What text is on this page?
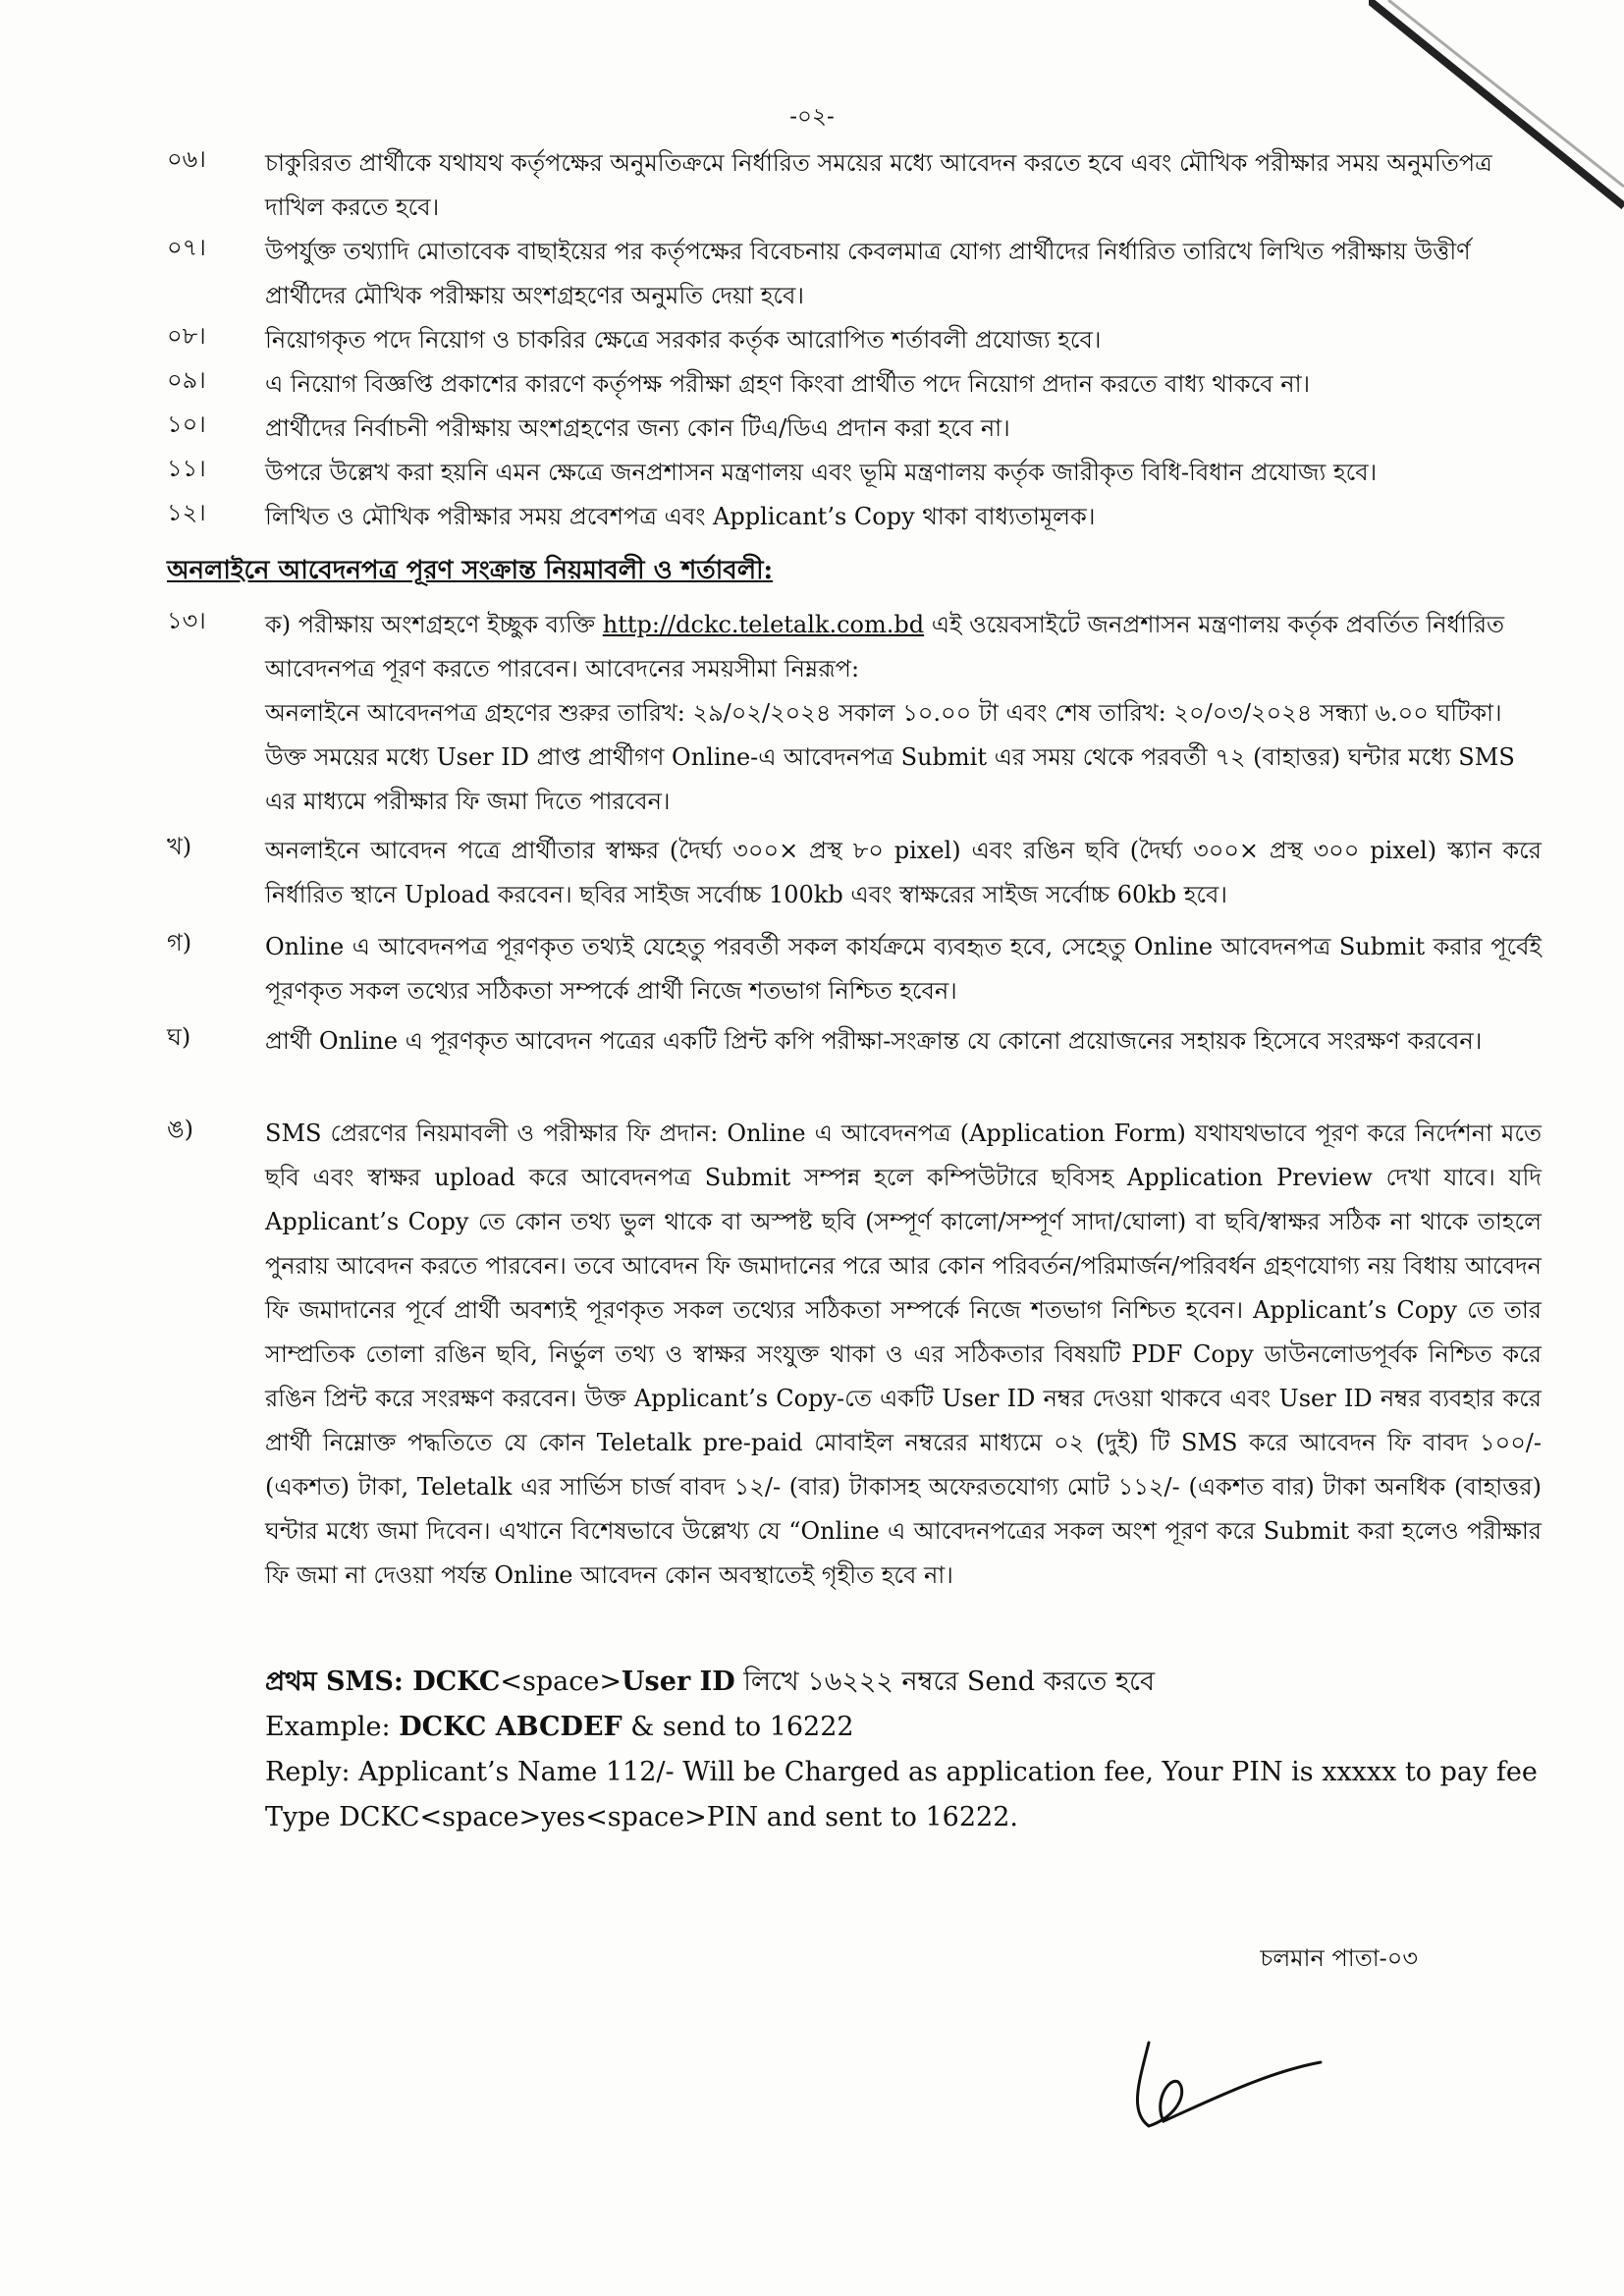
-০২-
০৬।	চাকুরিরত প্রার্থীকে যথাযথ কর্তৃপক্ষের অনুমতিক্রমে নির্ধারিত সময়ের মধ্যে আবেদন করতে হবে এবং মৌখিক পরীক্ষার সময় অনুমতিপত্র দাখিল করতে হবে।
০৭।	উপর্যুক্ত তথ্যাদি মোতাবেক বাছাইয়ের পর কর্তৃপক্ষের বিবেচনায় কেবলমাত্র যোগ্য প্রার্থীদের নির্ধারিত তারিখে লিখিত পরীক্ষায় উত্তীর্ণ প্রার্থীদের মৌখিক পরীক্ষায় অংশগ্রহণের অনুমতি দেয়া হবে।
০৮।	নিয়োগকৃত পদে নিয়োগ ও চাকরির ক্ষেত্রে সরকার কর্তৃক আরোপিত শর্তাবলী প্রযোজ্য হবে।
০৯।	এ নিয়োগ বিজ্ঞপ্তি প্রকাশের কারণে কর্তৃপক্ষ পরীক্ষা গ্রহণ কিংবা প্রার্থীত পদে নিয়োগ প্রদান করতে বাধ্য থাকবে না।
১০।	প্রার্থীদের নির্বাচনী পরীক্ষায় অংশগ্রহণের জন্য কোন টিএ/ডিএ প্রদান করা হবে না।
১১।	উপরে উল্লেখ করা হয়নি এমন ক্ষেত্রে জনপ্রশাসন মন্ত্রণালয় এবং ভূমি মন্ত্রণালয় কর্তৃক জারীকৃত বিধি-বিধান প্রযোজ্য হবে।
১২।	লিখিত ও মৌখিক পরীক্ষার সময় প্রবেশপত্র এবং Applicant’s Copy থাকা বাধ্যতামূলক।
অনলাইনে আবেদনপত্র পূরণ সংক্রান্ত নিয়মাবলী ও শর্তাবলী:
১৩।	ক) পরীক্ষায় অংশগ্রহণে ইচ্ছুক ব্যক্তি http://dckc.teletalk.com.bd এই ওয়েবসাইটে জনপ্রশাসন মন্ত্রণালয় কর্তৃক প্রবর্তিত নির্ধারিত আবেদনপত্র পূরণ করতে পারবেন। আবেদনের সময়সীমা নিম্নরূপ:
অনলাইনে আবেদনপত্র গ্রহণের শুরুর তারিখ: ২৯/০২/২০২৪ সকাল ১০.০০ টা এবং শেষ তারিখ: ২০/০৩/২০২৪ সন্ধ্যা ৬.০০ ঘটিকা।
উক্ত সময়ের মধ্যে User ID প্রাপ্ত প্রার্থীগণ Online-এ আবেদনপত্র Submit এর সময় থেকে পরবর্তী ৭২ (বাহাত্তর) ঘন্টার মধ্যে SMS এর মাধ্যমে পরীক্ষার ফি জমা দিতে পারবেন।
খ)	অনলাইনে আবেদন পত্রে প্রার্থীতার স্বাক্ষর (দৈর্ঘ্য ৩০০× প্রস্থ ৮০ pixel) এবং রঙিন ছবি (দৈর্ঘ্য ৩০০× প্রস্থ ৩০০ pixel) স্ক্যান করে নির্ধারিত স্থানে Upload করবেন। ছবির সাইজ সর্বোচ্চ 100kb এবং স্বাক্ষরের সাইজ সর্বোচ্চ 60kb হবে।
গ)	Online এ আবেদনপত্র পূরণকৃত তথ্যই যেহেতু পরবর্তী সকল কার্যক্রমে ব্যবহৃত হবে, সেহেতু Online আবেদনপত্র Submit করার পূর্বেই পূরণকৃত সকল তথ্যের সঠিকতা সম্পর্কে প্রার্থী নিজে শতভাগ নিশ্চিত হবেন।
ঘ)	প্রার্থী Online এ পূরণকৃত আবেদন পত্রের একটি প্রিন্ট কপি পরীক্ষা-সংক্রান্ত যে কোনো প্রয়োজনের সহায়ক হিসেবে সংরক্ষণ করবেন।
ঙ)	SMS প্রেরণের নিয়মাবলী ও পরীক্ষার ফি প্রদান: Online এ আবেদনপত্র (Application Form) যথাযথভাবে পূরণ করে নির্দেশনা মতে ছবি এবং স্বাক্ষর upload করে আবেদনপত্র Submit সম্পন্ন হলে কম্পিউটারে ছবিসহ Application Preview দেখা যাবে। যদি Applicant’s Copy তে কোন তথ্য ভুল থাকে বা অস্পষ্ট ছবি (সম্পূর্ণ কালো/সম্পূর্ণ সাদা/ঘোলা) বা ছবি/স্বাক্ষর সঠিক না থাকে তাহলে পুনরায় আবেদন করতে পারবেন। তবে আবেদন ফি জমাদানের পরে আর কোন পরিবর্তন/পরিমার্জন/পরিবর্ধন গ্রহণযোগ্য নয় বিধায় আবেদন ফি জমাদানের পূর্বে প্রার্থী অবশ্যই পূরণকৃত সকল তথ্যের সঠিকতা সম্পর্কে নিজে শতভাগ নিশ্চিত হবেন। Applicant’s Copy তে তার সাম্প্রতিক তোলা রঙিন ছবি, নির্ভুল তথ্য ও স্বাক্ষর সংযুক্ত থাকা ও এর সঠিকতার বিষয়টি PDF Copy ডাউনলোডপূর্বক নিশ্চিত করে রঙিন প্রিন্ট করে সংরক্ষণ করবেন। উক্ত Applicant’s Copy-তে একটি User ID নম্বর দেওয়া থাকবে এবং User ID নম্বর ব্যবহার করে প্রার্থী নিম্নোক্ত পদ্ধতিতে যে কোন Teletalk pre-paid মোবাইল নম্বরের মাধ্যমে ০২ (দুই) টি SMS করে আবেদন ফি বাবদ ১০০/- (একশত) টাকা, Teletalk এর সার্ভিস চার্জ বাবদ ১২/- (বার) টাকাসহ অফেরতযোগ্য মোট ১১২/- (একশত বার) টাকা অনধিক (বাহাত্তর) ঘন্টার মধ্যে জমা দিবেন। এখানে বিশেষভাবে উল্লেখ্য যে “Online এ আবেদনপত্রের সকল অংশ পূরণ করে Submit করা হলেও পরীক্ষার ফি জমা না দেওয়া পর্যন্ত Online আবেদন কোন অবস্থাতেই গৃহীত হবে না।
প্রথম SMS: DCKC<space>User ID লিখে ১৬২২২ নম্বরে Send করতে হবে
Example: DCKC ABCDEF & send to 16222
Reply: Applicant’s Name 112/- Will be Charged as application fee, Your PIN is xxxxx to pay fee
Type DCKC<space>yes<space>PIN and sent to 16222.
চলমান পাতা-০৩
